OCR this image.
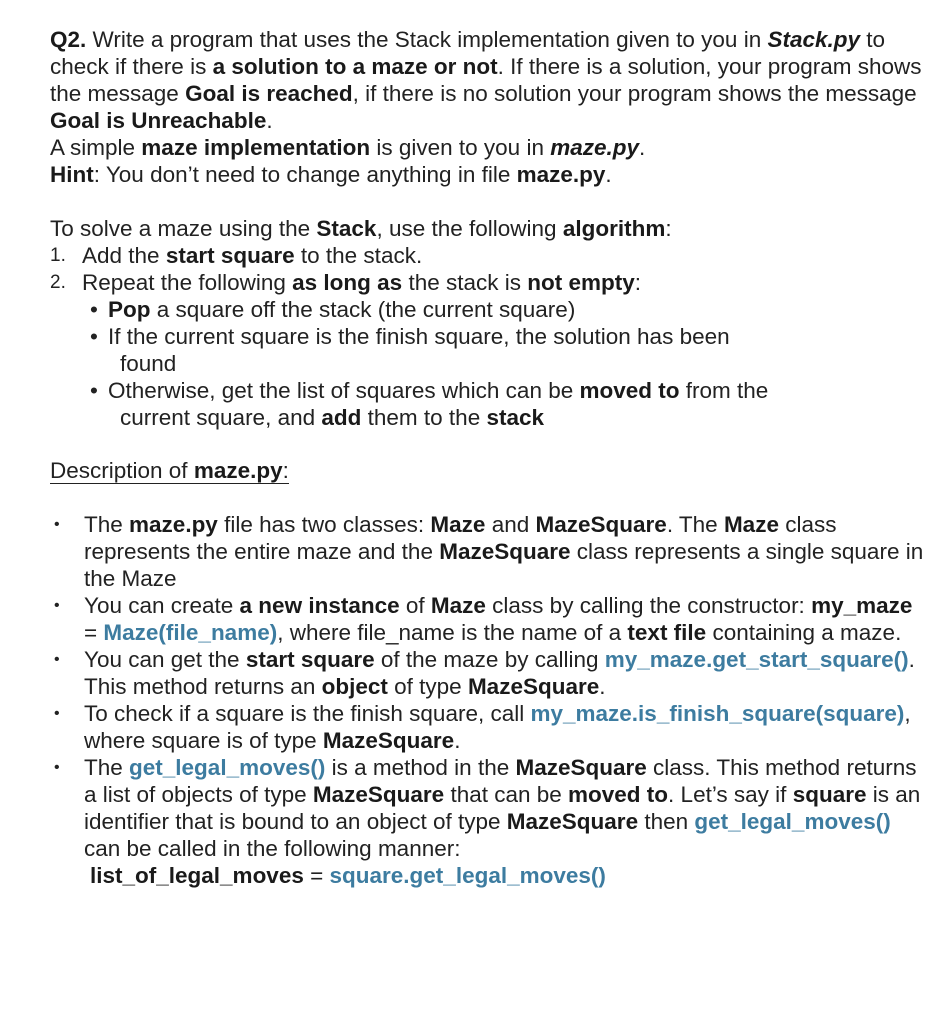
Q2. Write a program that uses the Stack implementation given to you in Stack.py to check if there is a solution to a maze or not. If there is a solution, your program shows the message Goal is reached, if there is no solution your program shows the message Goal is Unreachable.
A simple maze implementation is given to you in maze.py.
Hint: You don’t need to change anything in file maze.py.

To solve a maze using the Stack, use the following algorithm:

1. Add the start square to the stack.
2. Repeat the following as long as the stack is not empty:
• Pop a square off the stack (the current square)
• If the current square is the finish square, the solution has been
found
• Otherwise, get the list of squares which can be moved to from the
current square, and add them to the stack
Description of maze.py:
• The maze.py file has two classes: Maze and MazeSquare. The Maze class represents the entire maze and the MazeSquare class represents a single square in the Maze
• You can create a new instance of Maze class by calling the constructor: my_maze = Maze(file_name), where file_name is the name of a text file containing a maze.
• You can get the start square of the maze by calling my_maze.get_start_square(). This method returns an object of type MazeSquare.
• To check if a square is the finish square, call my_maze.is_finish_square(square), where square is of type MazeSquare.
• The get_legal_moves() is a method in the MazeSquare class. This method returns a list of objects of type MazeSquare that can be moved to. Let’s say if square is an identifier that is bound to an object of type MazeSquare then get_legal_moves() can be called in the following manner:
list_of_legal_moves = square.get_legal_moves()
